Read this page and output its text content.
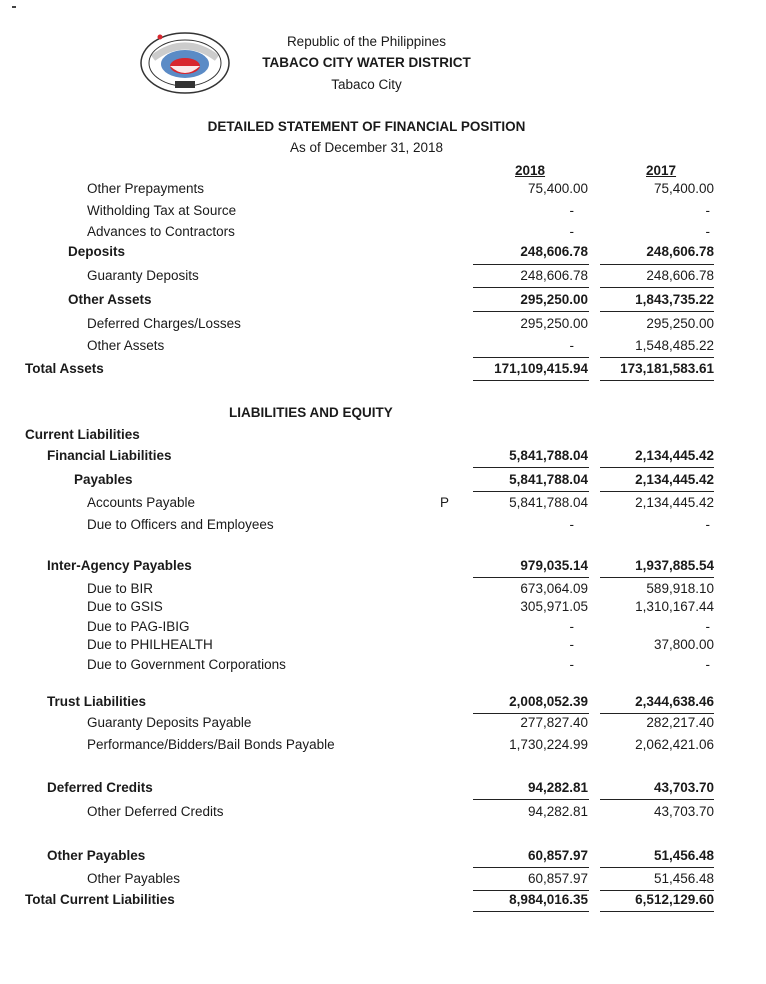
Republic of the Philippines
TABACO CITY WATER DISTRICT
Tabaco City
DETAILED STATEMENT OF FINANCIAL POSITION
As of December 31, 2018
2018	2017
Other Prepayments	75,400.00	75,400.00
Witholding Tax at Source	-	-
Advances to Contractors	-	-
Deposits	248,606.78	248,606.78
Guaranty Deposits	248,606.78	248,606.78
Other Assets	295,250.00	1,843,735.22
Deferred Charges/Losses	295,250.00	295,250.00
Other Assets	-	1,548,485.22
Total Assets	171,109,415.94	173,181,583.61
LIABILITIES AND EQUITY
Current Liabilities
Financial Liabilities	5,841,788.04	2,134,445.42
Payables	5,841,788.04	2,134,445.42
Accounts Payable	P	5,841,788.04	2,134,445.42
Due to Officers and Employees	-	-
Inter-Agency Payables	979,035.14	1,937,885.54
Due to BIR	673,064.09	589,918.10
Due to GSIS	305,971.05	1,310,167.44
Due to PAG-IBIG	-	-
Due to PHILHEALTH	-	37,800.00
Due to Government Corporations	-	-
Trust Liabilities	2,008,052.39	2,344,638.46
Guaranty Deposits Payable	277,827.40	282,217.40
Performance/Bidders/Bail Bonds Payable	1,730,224.99	2,062,421.06
Deferred Credits	94,282.81	43,703.70
Other Deferred Credits	94,282.81	43,703.70
Other Payables	60,857.97	51,456.48
Other Payables	60,857.97	51,456.48
Total Current Liabilities	8,984,016.35	6,512,129.60
